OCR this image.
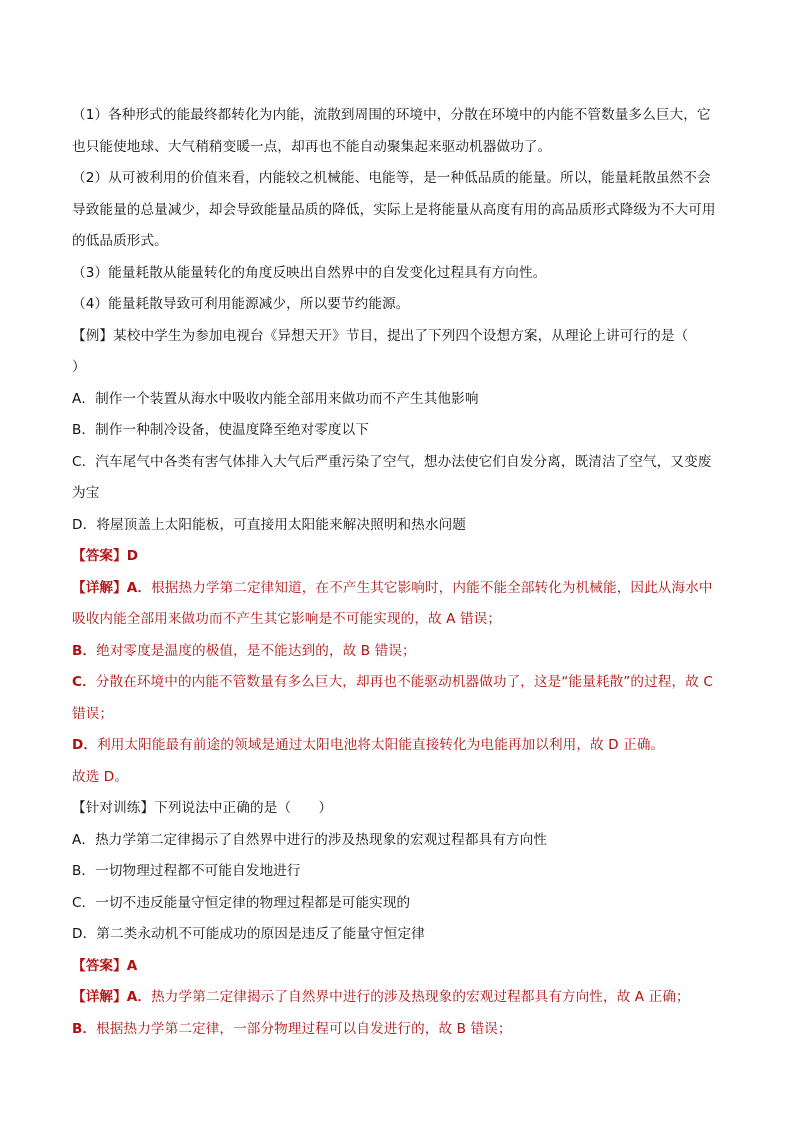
（1）各种形式的能最终都转化为内能，流散到周围的环境中，分散在环境中的内能不管数量多么巨大，它也只能使地球、大气稍稍变暖一点，却再也不能自动聚集起来驱动机器做功了。

（2）从可被利用的价值来看，内能较之机械能、电能等，是一种低品质的能量。所以，能量耗散虽然不会导致能量的总量减少，却会导致能量品质的降低，实际上是将能量从高度有用的高品质形式降级为不大可用的低品质形式。

（3）能量耗散从能量转化的角度反映出自然界中的自发变化过程具有方向性。

（4）能量耗散导致可利用能源减少，所以要节约能源。

【例】某校中学生为参加电视台《异想天开》节目，提出了下列四个设想方案，从理论上讲可行的是（　　）

A．制作一个装置从海水中吸收内能全部用来做功而不产生其他影响

B．制作一种制冷设备，使温度降至绝对零度以下

C．汽车尾气中各类有害气体排入大气后严重污染了空气，想办法使它们自发分离，既清洁了空气，又变废为宝

D．将屋顶盖上太阳能板，可直接用太阳能来解决照明和热水问题

【答案】D

【详解】A．根据热力学第二定律知道，在不产生其它影响时，内能不能全部转化为机械能，因此从海水中吸收内能全部用来做功而不产生其它影响是不可能实现的，故 A 错误；

B．绝对零度是温度的极值，是不能达到的，故 B 错误；

C．分散在环境中的内能不管数量有多么巨大，却再也不能驱动机器做功了，这是“能量耗散”的过程，故 C 错误；

D．利用太阳能最有前途的领域是通过太阳电池将太阳能直接转化为电能再加以利用，故 D 正确。

故选 D。

【针对训练】下列说法中正确的是（　　）

A．热力学第二定律揭示了自然界中进行的涉及热现象的宏观过程都具有方向性

B．一切物理过程都不可能自发地进行

C．一切不违反能量守恒定律的物理过程都是可能实现的

D．第二类永动机不可能成功的原因是违反了能量守恒定律

【答案】A

【详解】A．热力学第二定律揭示了自然界中进行的涉及热现象的宏观过程都具有方向性，故 A 正确；

B．根据热力学第二定律，一部分物理过程可以自发进行的，故 B 错误；
